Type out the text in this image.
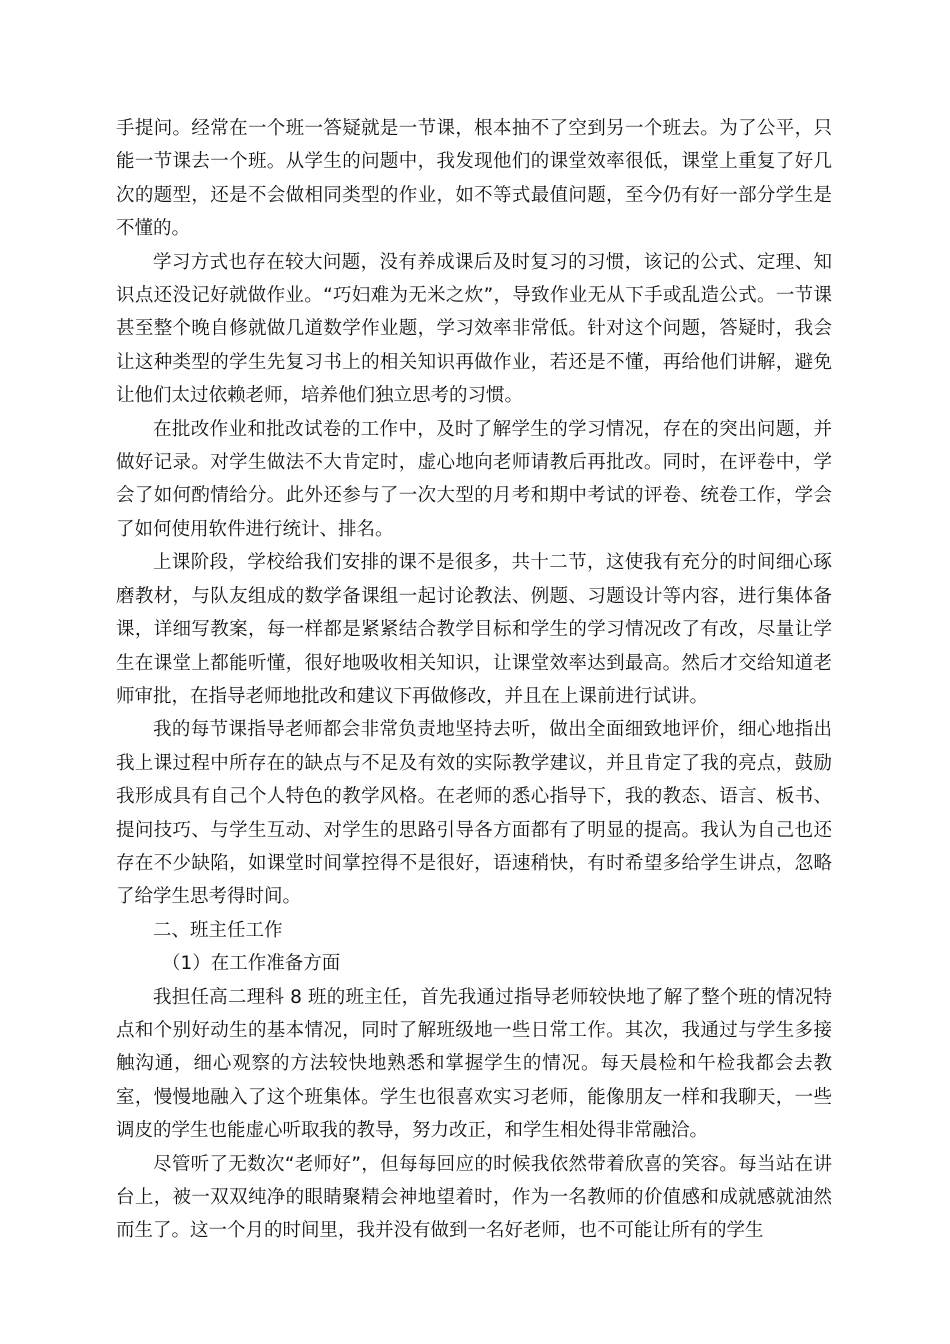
手提问。经常在一个班一答疑就是一节课，根本抽不了空到另一个班去。为了公平，只能一节课去一个班。从学生的问题中，我发现他们的课堂效率很低，课堂上重复了好几次的题型，还是不会做相同类型的作业，如不等式最值问题，至今仍有好一部分学生是不懂的。

学习方式也存在较大问题，没有养成课后及时复习的习惯，该记的公式、定理、知识点还没记好就做作业。“巧妇难为无米之炊”，导致作业无从下手或乱造公式。一节课甚至整个晚自修就做几道数学作业题，学习效率非常低。针对这个问题，答疑时，我会让这种类型的学生先复习书上的相关知识再做作业，若还是不懂，再给他们讲解，避免让他们太过依赖老师，培养他们独立思考的习惯。

在批改作业和批改试卷的工作中，及时了解学生的学习情况，存在的突出问题，并做好记录。对学生做法不大肯定时，虚心地向老师请教后再批改。同时，在评卷中，学会了如何酌情给分。此外还参与了一次大型的月考和期中考试的评卷、统卷工作，学会了如何使用软件进行统计、排名。

上课阶段，学校给我们安排的课不是很多，共十二节，这使我有充分的时间细心琢磨教材，与队友组成的数学备课组一起讨论教法、例题、习题设计等内容，进行集体备课，详细写教案，每一样都是紧紧结合教学目标和学生的学习情况改了有改，尽量让学生在课堂上都能听懂，很好地吸收相关知识，让课堂效率达到最高。然后才交给知道老师审批，在指导老师地批改和建议下再做修改，并且在上课前进行试讲。

我的每节课指导老师都会非常负责地坚持去听，做出全面细致地评价，细心地指出我上课过程中所存在的缺点与不足及有效的实际教学建议，并且肯定了我的亮点，鼓励我形成具有自己个人特色的教学风格。在老师的悉心指导下，我的教态、语言、板书、提问技巧、与学生互动、对学生的思路引导各方面都有了明显的提高。我认为自己也还存在不少缺陷，如课堂时间掌控得不是很好，语速稍快，有时希望多给学生讲点，忽略了给学生思考得时间。

二、班主任工作

（1）在工作准备方面

我担任高二理科 8 班的班主任，首先我通过指导老师较快地了解了整个班的情况特点和个别好动生的基本情况，同时了解班级地一些日常工作。其次，我通过与学生多接触沟通，细心观察的方法较快地熟悉和掌握学生的情况。每天晨检和午检我都会去教室，慢慢地融入了这个班集体。学生也很喜欢实习老师，能像朋友一样和我聊天，一些调皮的学生也能虚心听取我的教导，努力改正，和学生相处得非常融洽。

尽管听了无数次“老师好”，但每每回应的时候我依然带着欣喜的笑容。每当站在讲台上，被一双双纯净的眼睛聚精会神地望着时，作为一名教师的价值感和成就感就油然而生了。这一个月的时间里，我并没有做到一名好老师，也不可能让所有的学生
